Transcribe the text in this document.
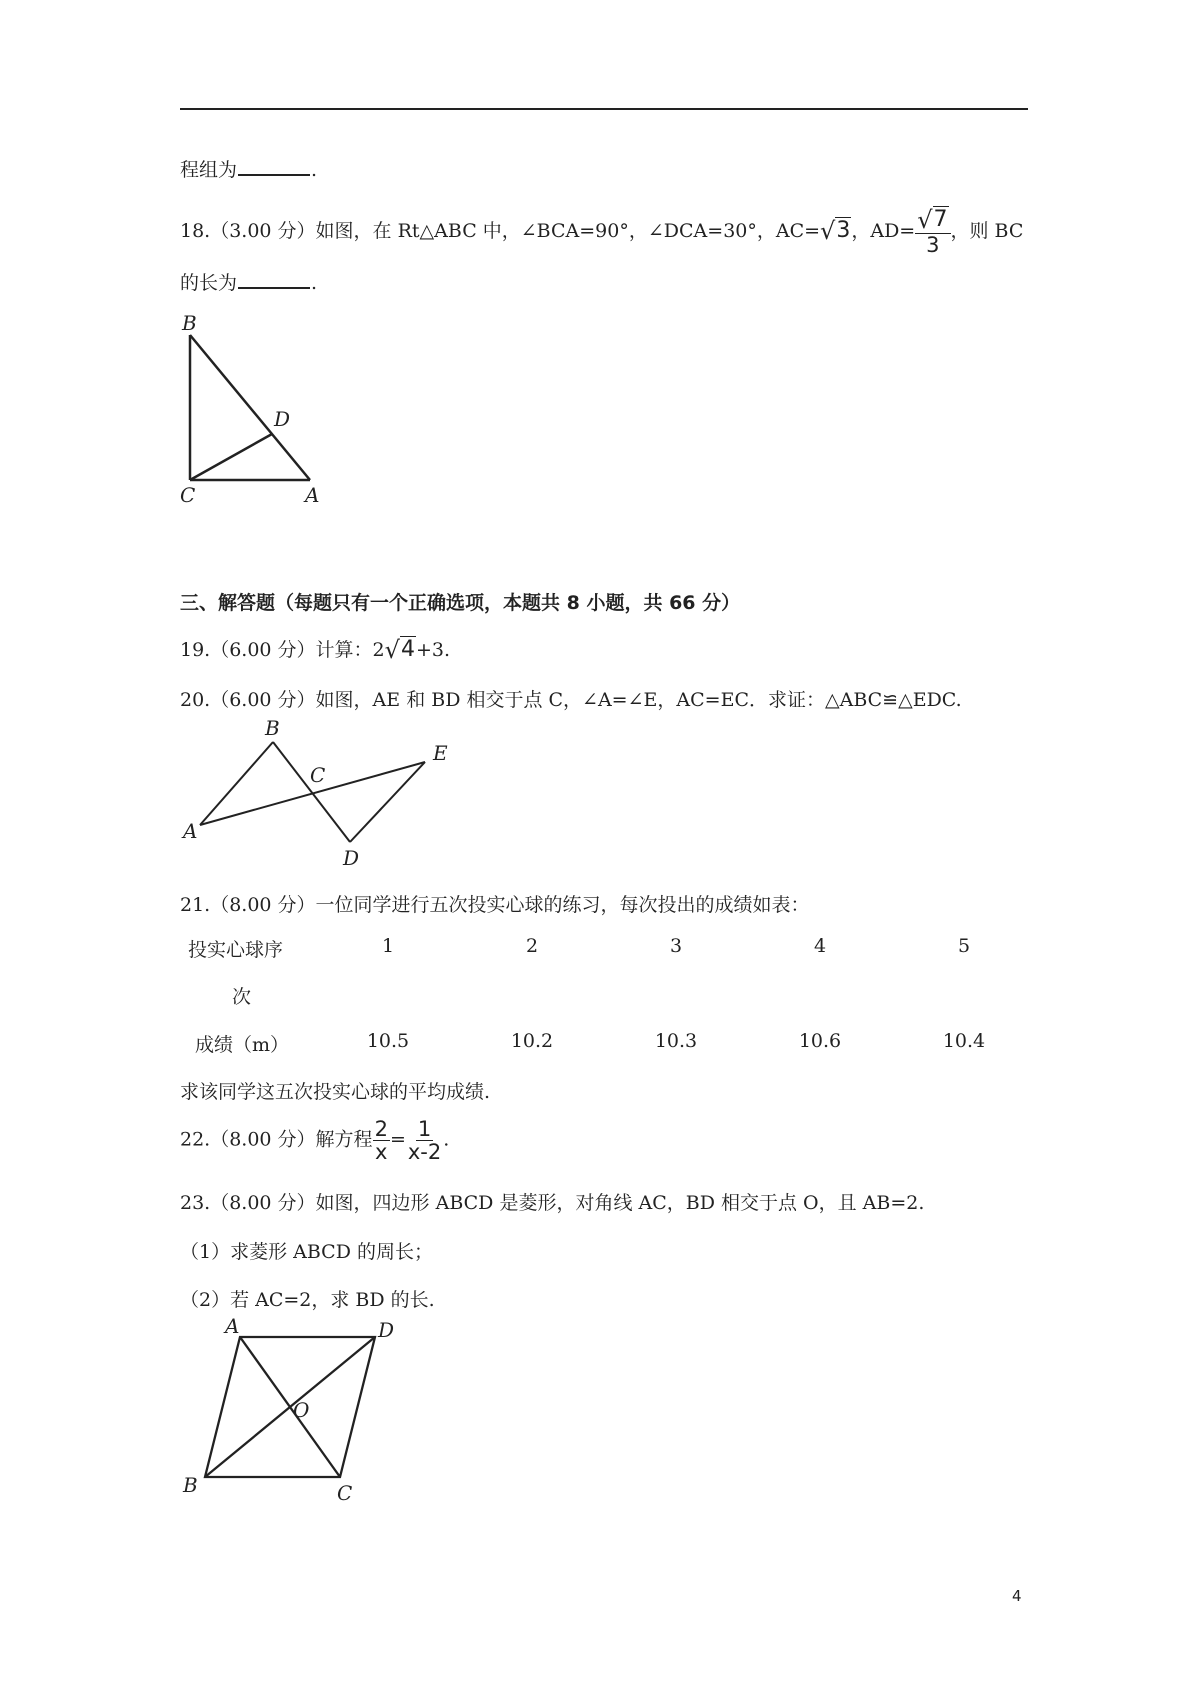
程组为	.
18.（3.00 分）如图，在 Rt△ABC 中，∠BCA=90°，∠DCA=30°，AC=√3，$AD= \frac{√7}{3}$ ，则 BC
的长为	.
B
D
C	A
三、解答题（每题只有一个正确选项，本题共 8 小题，共 66 分）
19.（6.00 分）计算：2√4+3.
20.（6.00 分）如图，AE 和 BD 相交于点 C，∠A=∠E，AC=EC．求证：△ABC≌△EDC.
B
C
E
A
D
21.（8.00 分）一位同学进行五次投实心球的练习，每次投出的成绩如表：
投实心球序
次
1	2	3	4	5
成绩（m）	10.5	10.2	10.3	10.6	10.4
求该同学这五次投实心球的平均成绩.
22.（8.00 分）解方程 $\frac{2}{x} = \frac{1}{x-2}$ .
23.（8.00 分）如图，四边形 ABCD 是菱形，对角线 AC，BD 相交于点 O，且 AB=2.
（1）求菱形 ABCD 的周长；
（2）若 AC=2，求 BD 的长.
A	D
O
B	C
4
